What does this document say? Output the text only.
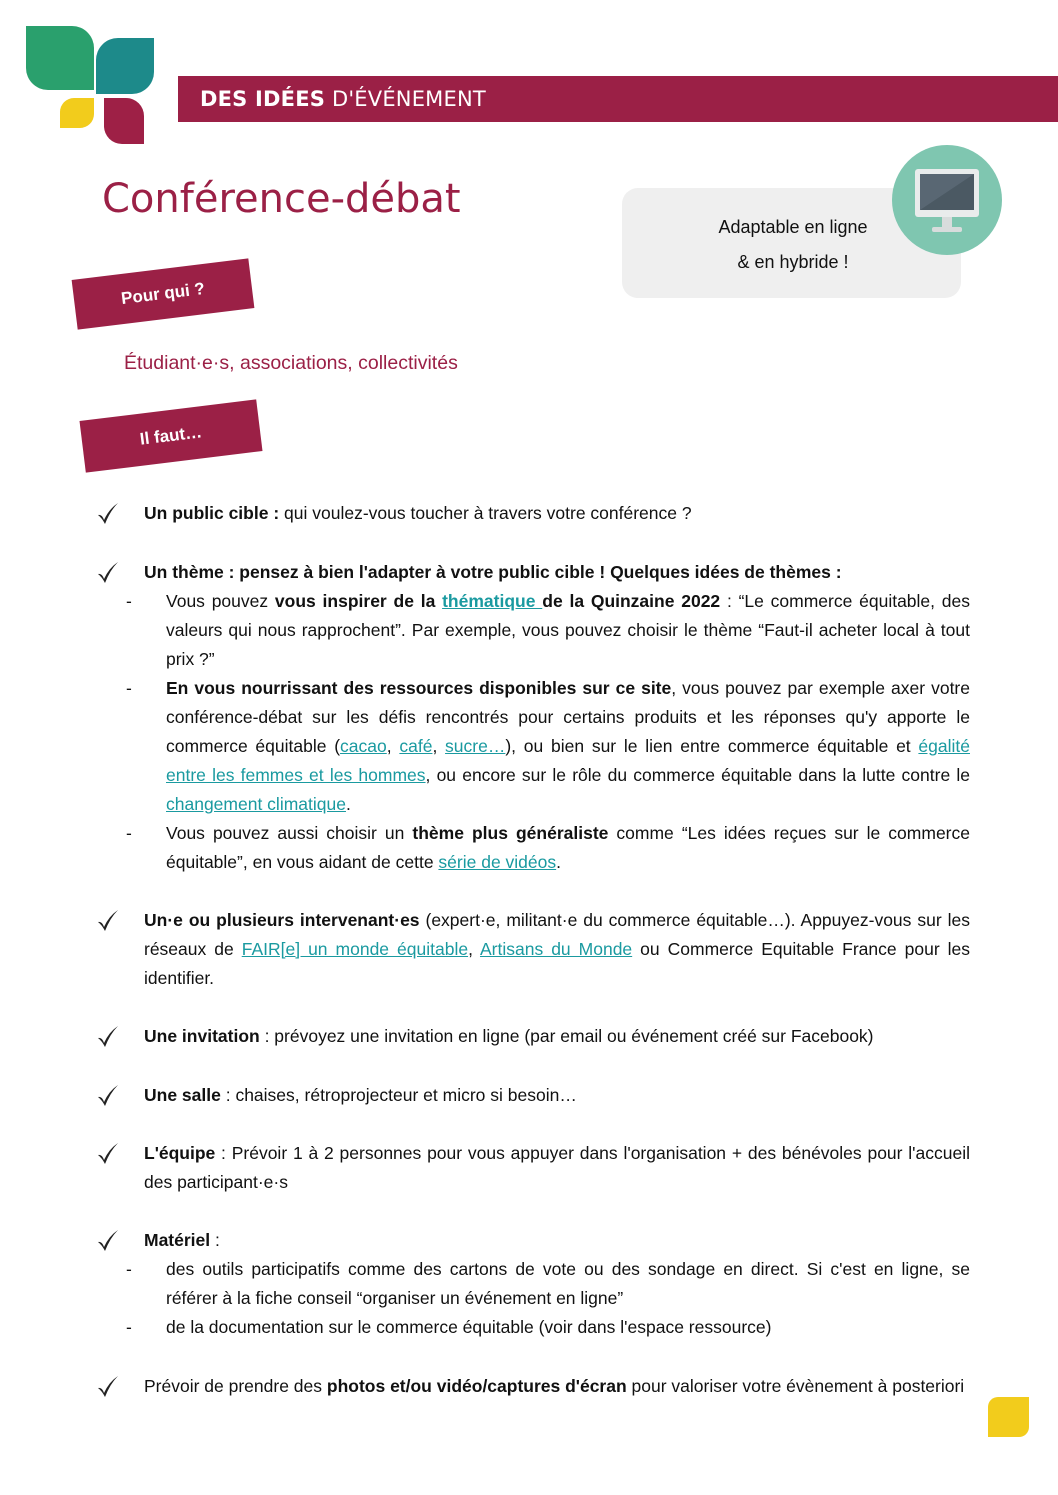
DES IDÉES D'ÉVÉNEMENT
Conférence-débat
Adaptable en ligne
& en hybride !
Pour qui ?
Étudiant·e·s, associations, collectivités
Il faut…
Un public cible : qui voulez-vous toucher à travers votre conférence ?
Un thème : pensez à bien l'adapter à votre public cible ! Quelques idées de thèmes :
- Vous pouvez vous inspirer de la thématique de la Quinzaine 2022 : “Le commerce équitable, des valeurs qui nous rapprochent”. Par exemple, vous pouvez choisir le thème “Faut-il acheter local à tout prix ?”
- En vous nourrissant des ressources disponibles sur ce site, vous pouvez par exemple axer votre conférence-débat sur les défis rencontrés pour certains produits et les réponses qu'y apporte le commerce équitable (cacao, café, sucre…), ou bien sur le lien entre commerce équitable et égalité entre les femmes et les hommes, ou encore sur le rôle du commerce équitable dans la lutte contre le changement climatique.
- Vous pouvez aussi choisir un thème plus généraliste comme “Les idées reçues sur le commerce équitable”, en vous aidant de cette série de vidéos.
Un·e ou plusieurs intervenant·es (expert·e, militant·e du commerce équitable…). Appuyez-vous sur les réseaux de FAIR[e] un monde équitable, Artisans du Monde ou Commerce Equitable France pour les identifier.
Une invitation : prévoyez une invitation en ligne (par email ou événement créé sur Facebook)
Une salle : chaises, rétroprojecteur et micro si besoin…
L'équipe : Prévoir 1 à 2 personnes pour vous appuyer dans l'organisation + des bénévoles pour l'accueil des participant·e·s
Matériel :
- des outils participatifs comme des cartons de vote ou des sondage en direct. Si c'est en ligne, se référer à la fiche conseil “organiser un événement en ligne”
- de la documentation sur le commerce équitable (voir dans l'espace ressource)
Prévoir de prendre des photos et/ou vidéo/captures d'écran pour valoriser votre évènement à posteriori
